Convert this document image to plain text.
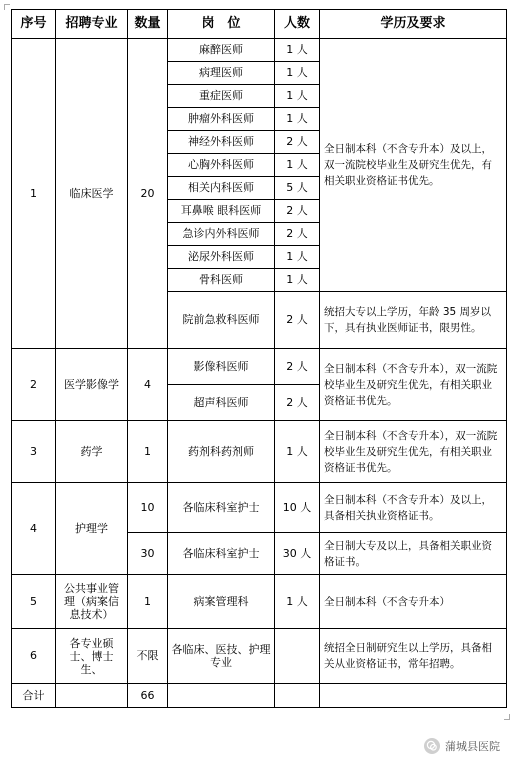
序号	招聘专业	数量	岗　位	人数	学历及要求
1	临床医学	20	麻醉医师	1 人	全日制本科（不含专升本）及以上，双一流院校毕业生及研究生优先，有相关职业资格证书优先。
			病理医师	1 人	
			重症医师	1 人	
			肿瘤外科医师	1 人	
			神经外科医师	2 人	
			心胸外科医师	1 人	
			相关内科医师	5 人	
			耳鼻喉 眼科医师	2 人	
			急诊内外科医师	2 人	
			泌尿外科医师	1 人	
			骨科医师	1 人	
			院前急救科医师	2 人	统招大专以上学历，年龄 35 周岁以下，具有执业医师证书，限男性。
2	医学影像学	4	影像科医师	2 人	全日制本科（不含专升本），双一流院校毕业生及研究生优先，有相关职业资格证书优先。
			超声科医师	2 人	
3	药学	1	药剂科药剂师	1 人	全日制本科（不含专升本），双一流院校毕业生及研究生优先，有相关职业资格证书优先。
4	护理学	10	各临床科室护士	10 人	全日制本科（不含专升本）及以上，具备相关执业资格证书。
		30	各临床科室护士	30 人	全日制大专及以上，具备相关职业资格证书。
5	公共事业管理（病案信息技术）	1	病案管理科	1 人	全日制本科（不含专升本）
6	各专业硕士、博士生、	不限	各临床、医技、护理专业		统招全日制研究生以上学历，具备相关从业资格证书，常年招聘。
合计		66			
蒲城县医院
